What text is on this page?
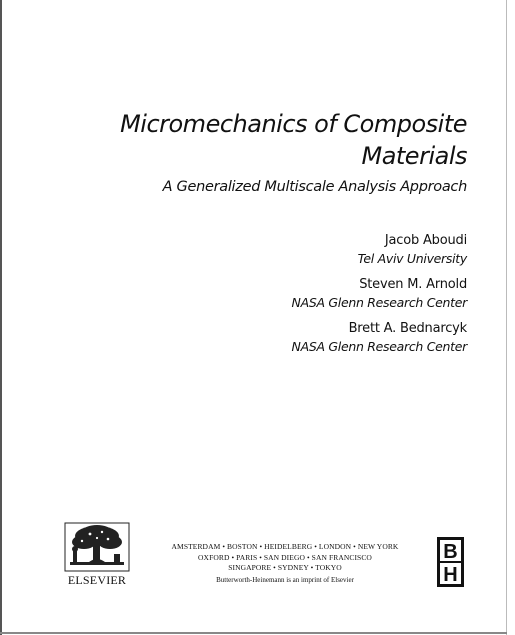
Micromechanics of Composite
Materials
A Generalized Multiscale Analysis Approach
Jacob Aboudi
Tel Aviv University
Steven M. Arnold
NASA Glenn Research Center
Brett A. Bednarcyk
NASA Glenn Research Center
ELSEVIER
AMSTERDAM • BOSTON • HEIDELBERG • LONDON • NEW YORK
OXFORD • PARIS • SAN DIEGO • SAN FRANCISCO
SINGAPORE • SYDNEY • TOKYO
Butterworth-Heinemann is an imprint of Elsevier
B
H
